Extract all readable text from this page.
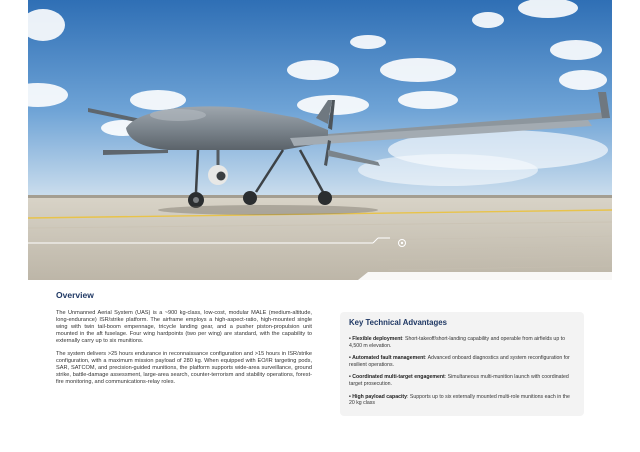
Overview

The Unmanned Aerial System (UAS) is a ~900 kg-class, low-cost, modular MALE (medium-altitude, long-endurance) ISR/strike platform. The airframe employs a high-aspect-ratio, high-mounted single wing with twin tail-boom empennage, tricycle landing gear, and a pusher piston-propulsion unit mounted in the aft fuselage. Four wing hardpoints (two per wing) are standard, with the capability to externally carry up to six munitions.

The system delivers >25 hours endurance in reconnaissance configuration and >15 hours in ISR/strike configuration, with a maximum mission payload of 280 kg. When equipped with EO/IR targeting pods, SAR, SATCOM, and precision-guided munitions, the platform supports wide-area surveillance, ground strike, battle-damage assessment, large-area search, counter-terrorism and stability operations, forest-fire monitoring, and communications-relay roles.

Key Technical Advantages
• Flexible deployment: Short-takeoff/short-landing capability and operable from airfields up to 4,500 m elevation.
• Automated fault management: Advanced onboard diagnostics and system reconfiguration for resilient operations.
• Coordinated multi-target engagement: Simultaneous multi-munition launch with coordinated target prosecution.
• High payload capacity: Supports up to six externally mounted multi-role munitions each in the 20 kg class
